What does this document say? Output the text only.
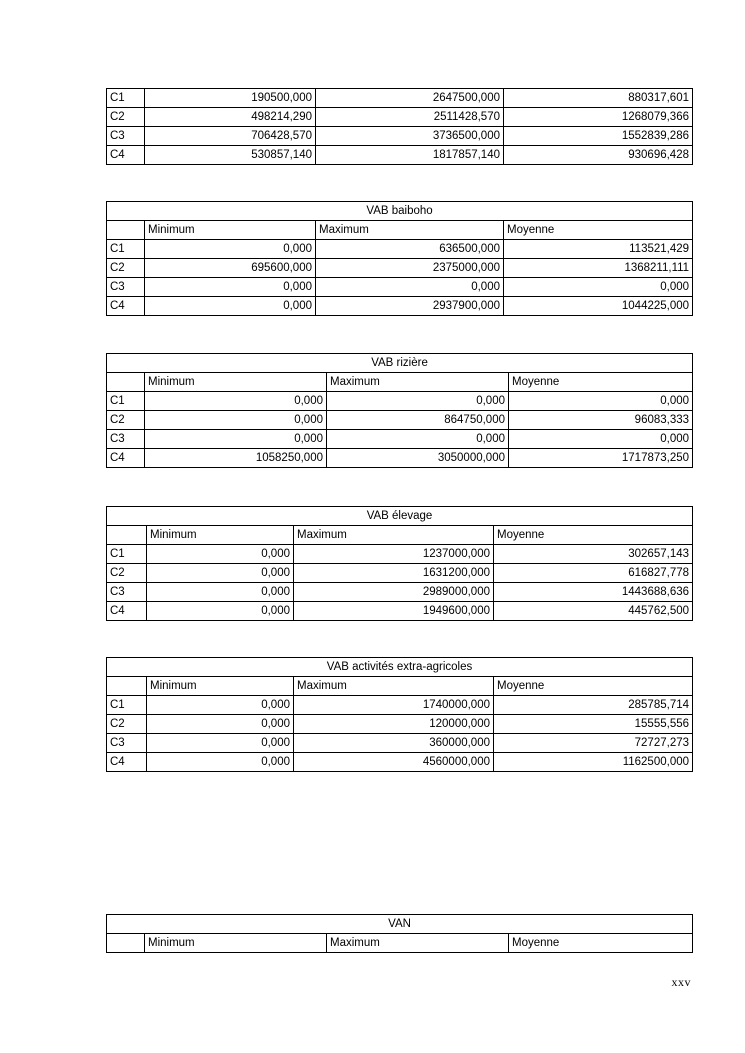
C1	190500,000	2647500,000	880317,601
C2	498214,290	2511428,570	1268079,366
C3	706428,570	3736500,000	1552839,286
C4	530857,140	1817857,140	930696,428
VAB baiboho			
	Minimum	Maximum	Moyenne
C1	0,000	636500,000	113521,429
C2	695600,000	2375000,000	1368211,111
C3	0,000	0,000	0,000
C4	0,000	2937900,000	1044225,000
VAB rizière			
	Minimum	Maximum	Moyenne
C1	0,000	0,000	0,000
C2	0,000	864750,000	96083,333
C3	0,000	0,000	0,000
C4	1058250,000	3050000,000	1717873,250
VAB élevage			
	Minimum	Maximum	Moyenne
C1	0,000	1237000,000	302657,143
C2	0,000	1631200,000	616827,778
C3	0,000	2989000,000	1443688,636
C4	0,000	1949600,000	445762,500
VAB activités extra-agricoles			
	Minimum	Maximum	Moyenne
C1	0,000	1740000,000	285785,714
C2	0,000	120000,000	15555,556
C3	0,000	360000,000	72727,273
C4	0,000	4560000,000	1162500,000
VAN
	Minimum	Maximum	Moyenne
xxv
